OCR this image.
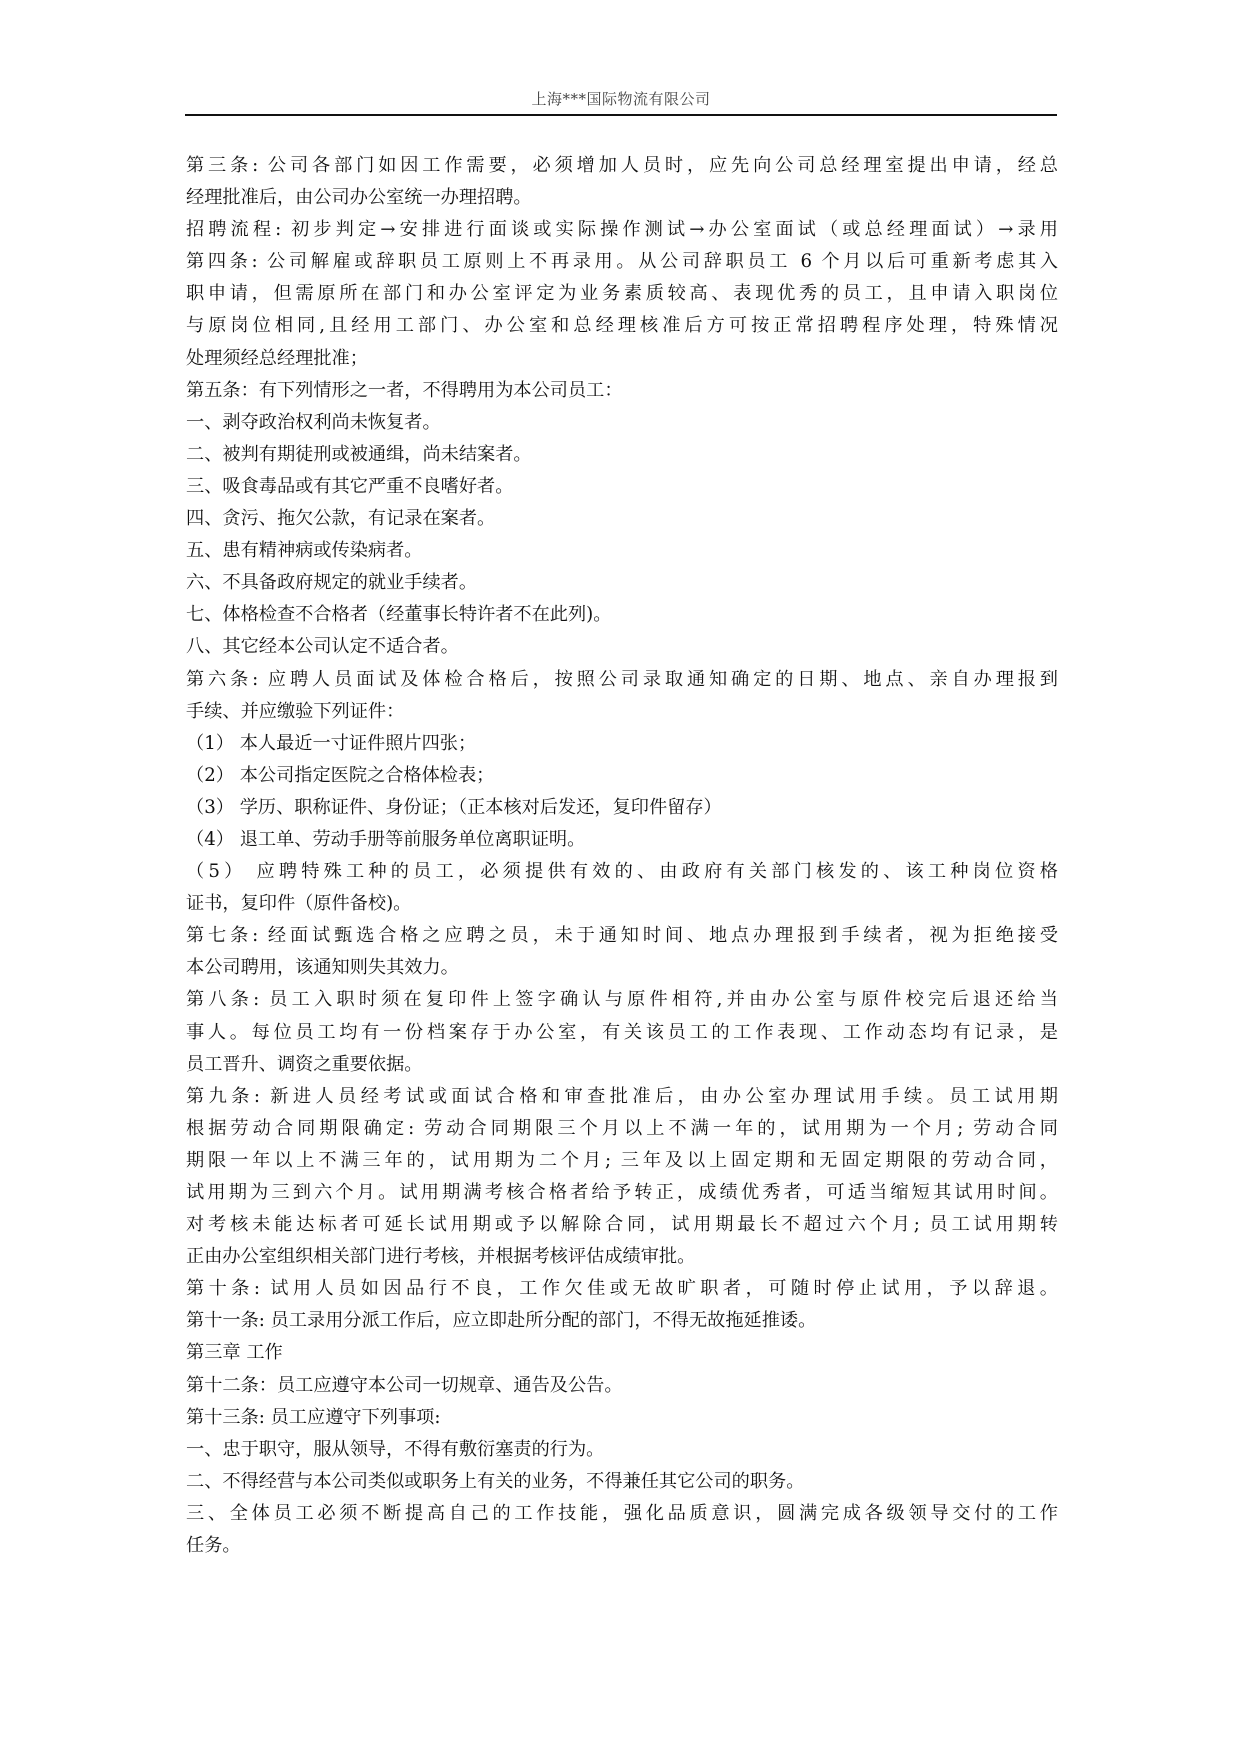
上海***国际物流有限公司
第三条: 公司各部门如因工作需要，必须增加人员时，应先向公司总经理室提出申请，经总
经理批准后，由公司办公室统一办理招聘。
招聘流程: 初步判定→安排进行面谈或实际操作测试→办公室面试（或总经理面试）→录用
第四条: 公司解雇或辞职员工原则上不再录用。从公司辞职员工 6 个月以后可重新考虑其入
职申请，但需原所在部门和办公室评定为业务素质较高、表现优秀的员工，且申请入职岗位
与原岗位相同,且经用工部门、办公室和总经理核准后方可按正常招聘程序处理，特殊情况
处理须经总经理批准；
第五条：有下列情形之一者，不得聘用为本公司员工：
一、剥夺政治权利尚未恢复者。
二、被判有期徒刑或被通缉，尚未结案者。
三、吸食毒品或有其它严重不良嗜好者。
四、贪污、拖欠公款，有记录在案者。
五、患有精神病或传染病者。
六、不具备政府规定的就业手续者。
七、体格检查不合格者（经董事长特许者不在此列)。
八、其它经本公司认定不适合者。
第六条: 应聘人员面试及体检合格后，按照公司录取通知确定的日期、地点、亲自办理报到
手续、并应缴验下列证件：
（1） 本人最近一寸证件照片四张；
（2） 本公司指定医院之合格体检表；
（3） 学历、职称证件、身份证；（正本核对后发还，复印件留存）
（4） 退工单、劳动手册等前服务单位离职证明。
（5） 应聘特殊工种的员工，必须提供有效的、由政府有关部门核发的、该工种岗位资格
证书，复印件（原件备校)。
第七条: 经面试甄选合格之应聘之员，未于通知时间、地点办理报到手续者，视为拒绝接受
本公司聘用，该通知则失其效力。
第八条: 员工入职时须在复印件上签字确认与原件相符,并由办公室与原件校完后退还给当
事人。每位员工均有一份档案存于办公室，有关该员工的工作表现、工作动态均有记录，是
员工晋升、调资之重要依据。
第九条: 新进人员经考试或面试合格和审查批准后，由办公室办理试用手续。员工试用期
根据劳动合同期限确定: 劳动合同期限三个月以上不满一年的，试用期为一个月; 劳动合同
期限一年以上不满三年的，试用期为二个月; 三年及以上固定期和无固定期限的劳动合同，
试用期为三到六个月。试用期满考核合格者给予转正，成绩优秀者，可适当缩短其试用时间。
对考核未能达标者可延长试用期或予以解除合同，试用期最长不超过六个月; 员工试用期转
正由办公室组织相关部门进行考核，并根据考核评估成绩审批。
第十条: 试用人员如因品行不良，工作欠佳或无故旷职者，可随时停止试用，予以辞退。
第十一条: 员工录用分派工作后，应立即赴所分配的部门，不得无故拖延推诿。
第三章 工作
第十二条：员工应遵守本公司一切规章、通告及公告。
第十三条: 员工应遵守下列事项:
一、忠于职守，服从领导，不得有敷衍塞责的行为。
二、不得经营与本公司类似或职务上有关的业务，不得兼任其它公司的职务。
三、全体员工必须不断提高自己的工作技能，强化品质意识，圆满完成各级领导交付的工作
任务。
